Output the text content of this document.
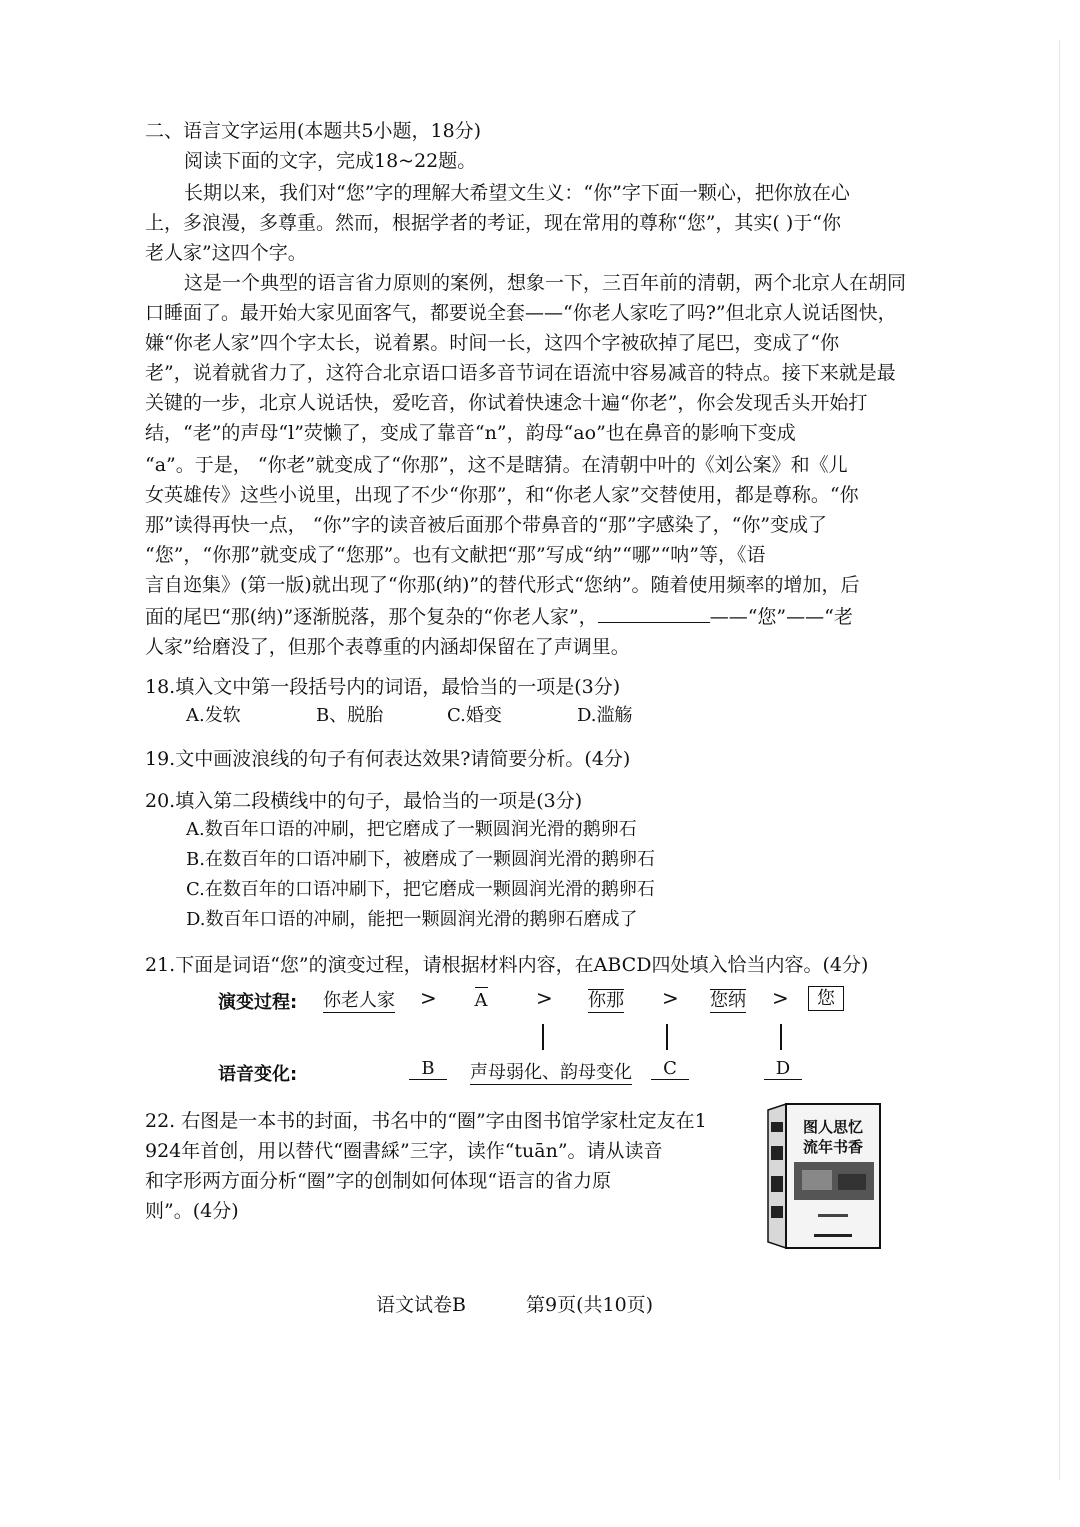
二、语言文字运用(本题共5小题，18分)
阅读下面的文字，完成18~22题。
长期以来，我们对“您”字的理解大希望文生义：“你”字下面一颗心，把你放在心
上，多浪漫，多尊重。然而，根据学者的考证，现在常用的尊称“您”，其实( )于“你
老人家”这四个字。
这是一个典型的语言省力原则的案例，想象一下，三百年前的清朝，两个北京人在胡同
口睡面了。最开始大家见面客气，都要说全套——“你老人家吃了吗?”但北京人说话图快，
嫌“你老人家”四个字太长，说着累。时间一长，这四个字被砍掉了尾巴，变成了“你
老”，说着就省力了，这符合北京语口语多音节词在语流中容易减音的特点。接下来就是最
关键的一步，北京人说话快，爱吃音，你试着快速念十遍“你老”，你会发现舌头开始打
结，“老”的声母“l”荧懒了，变成了靠音“n”，韵母“ao”也在鼻音的影响下变成
“a”。于是， “你老”就变成了“你那”，这不是瞎猜。在清朝中叶的《刘公案》和《儿
女英雄传》这些小说里，出现了不少“你那”，和“你老人家”交替使用，都是尊称。“你
那”读得再快一点， “你”字的读音被后面那个带鼻音的“那”字感染了，“你”变成了
“您”，“你那”就变成了“您那”。也有文献把“那”写成“纳”“哪”“呐”等，《语
言自迩集》(第一版)就出现了“你那(纳)”的替代形式“您纳”。随着使用频率的增加，后
面的尾巴“那(纳)”逐渐脱落，那个复杂的“你老人家”，	——“您”——“老
人家”给磨没了，但那个表尊重的内涵却保留在了声调里。
18.填入文中第一段括号内的词语，最恰当的一项是(3分)
A.发软	B、脱胎	C.婚变	D.滥觞
19.文中画波浪线的句子有何表达效果?请简要分析。(4分)
20.填入第二段横线中的句子，最恰当的一项是(3分)
A.数百年口语的冲刷，把它磨成了一颗圆润光滑的鹅卵石
B.在数百年的口语冲刷下，被磨成了一颗圆润光滑的鹅卵石
C.在数百年的口语冲刷下，把它磨成一颗圆润光滑的鹅卵石
D.数百年口语的冲刷，能把一颗圆润光滑的鹅卵石磨成了
21.下面是词语“您”的演变过程，请根据材料内容，在ABCD四处填入恰当内容。(4分)
演变过程: 你老人家 >	A	>	你那	>	您纳	>	您
语音变化:	B	声母弱化、韵母变化	C	D
22. 右图是一本书的封面，书名中的“圈”字由图书馆学家杜定友在1
924年首创，用以替代“圈書綵”三字，读作“tuān”。请从读音
和字形两方面分析“圈”字的创制如何体现“语言的省力原
则”。(4分)
图人思忆
流年书香
语文试卷B	第9页(共10页)
